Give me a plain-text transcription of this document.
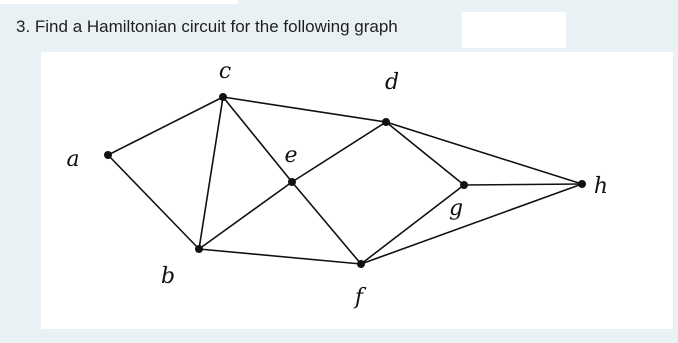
3. Find a Hamiltonian circuit for the following graph
a
b
c	d
e
f
g
h
